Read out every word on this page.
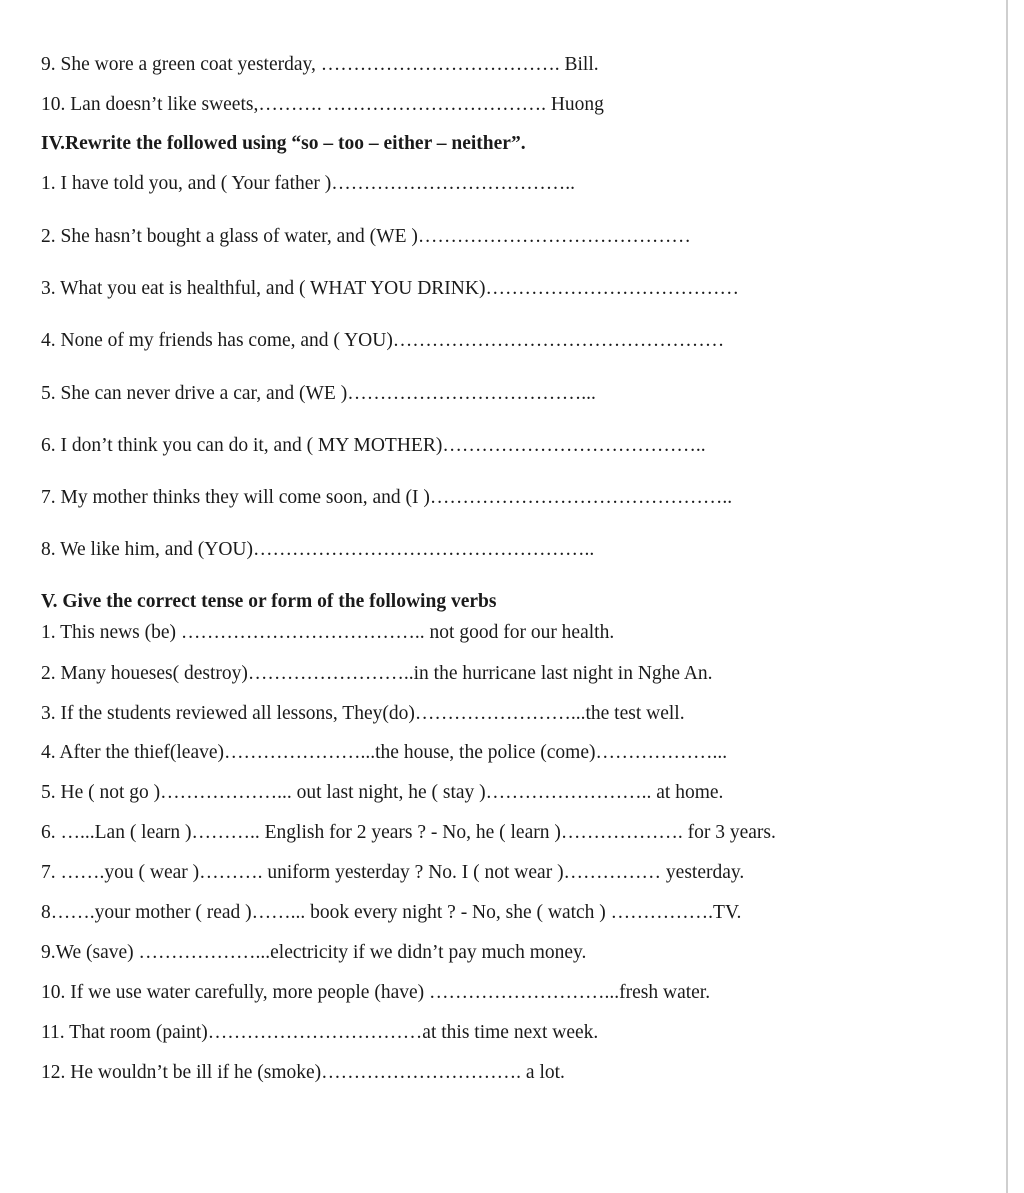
9. She wore a green coat yesterday, ………………………………. Bill.
10. Lan doesn’t like sweets,………. ……………………………. Huong
IV.Rewrite the followed using “so – too – either – neither”.
1. I have told you, and ( Your father )………………………………..
2. She hasn’t bought a glass of water, and (WE )……………………………………
3. What you eat is healthful, and ( WHAT YOU DRINK)…………………………………
4. None of my friends has come, and ( YOU)……………………………………………
5. She can never drive a car, and (WE )………………………………...
6. I don’t think you can do it, and ( MY MOTHER)…………………………………..
7. My mother thinks they will come soon, and (I )………………………………………..
8. We like him, and (YOU)……………………………………………..
V. Give the correct tense or form of the following verbs
1. This news (be) ……………………………….. not good for our health.
2. Many houeses( destroy)……………………..in the hurricane last night in Nghe An.
3. If the students reviewed all lessons, They(do)……………………...the test well.
4. After the thief(leave)…………………...the house, the police (come)………………...
5. He ( not go )………………... out last night, he ( stay )…………………….. at home.
6. …...Lan ( learn )……….. English for 2 years ? - No, he ( learn )………………. for 3 years.
7. …….you ( wear )………. uniform yesterday ? No. I ( not wear )…………… yesterday.
8…….your mother ( read )……... book every night ? - No, she ( watch ) …………….TV.
9.We (save) ………………...electricity if we didn’t pay much money.
10. If we use water carefully, more people (have) ………………………...fresh water.
11. That room (paint)……………………………at this time next week.
12. He wouldn’t be ill if he (smoke)…………………………. a lot.
